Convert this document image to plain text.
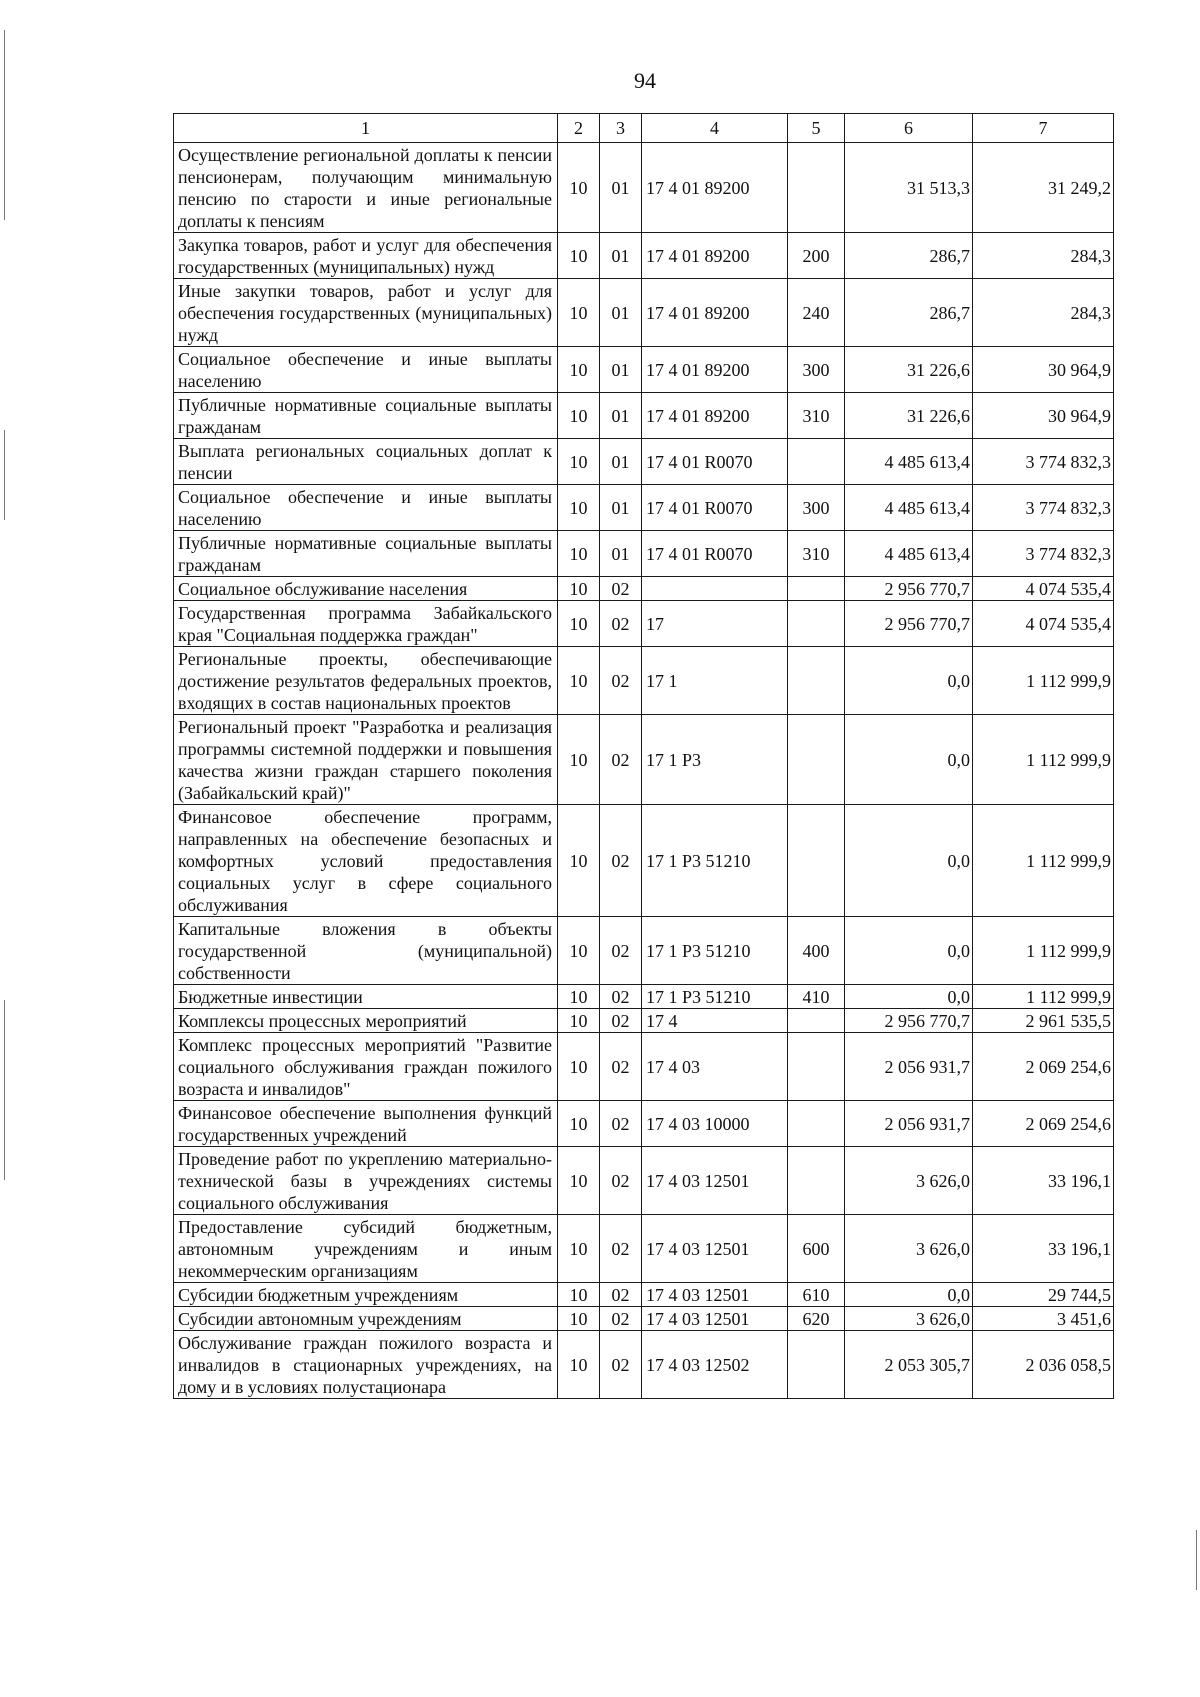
94
1	2	3	4	5	6	7
Осуществление региональной доплаты к пенсии пенсионерам, получающим минимальную пенсию по старости и иные региональные доплаты к пенсиям	10	01	17 4 01 89200		31 513,3	31 249,2
Закупка товаров, работ и услуг для обеспечения государственных (муниципальных) нужд	10	01	17 4 01 89200	200	286,7	284,3
Иные закупки товаров, работ и услуг для обеспечения государственных (муниципальных) нужд	10	01	17 4 01 89200	240	286,7	284,3
Социальное обеспечение и иные выплаты населению	10	01	17 4 01 89200	300	31 226,6	30 964,9
Публичные нормативные социальные выплаты гражданам	10	01	17 4 01 89200	310	31 226,6	30 964,9
Выплата региональных социальных доплат к пенсии	10	01	17 4 01 R0070		4 485 613,4	3 774 832,3
Социальное обеспечение и иные выплаты населению	10	01	17 4 01 R0070	300	4 485 613,4	3 774 832,3
Публичные нормативные социальные выплаты гражданам	10	01	17 4 01 R0070	310	4 485 613,4	3 774 832,3
Социальное обслуживание населения	10	02			2 956 770,7	4 074 535,4
Государственная программа Забайкальского края "Социальная поддержка граждан"	10	02	17		2 956 770,7	4 074 535,4
Региональные проекты, обеспечивающие достижение результатов федеральных проектов, входящих в состав национальных проектов	10	02	17 1		0,0	1 112 999,9
Региональный проект "Разработка и реализация программы системной поддержки и повышения качества жизни граждан старшего поколения (Забайкальский край)"	10	02	17 1 P3		0,0	1 112 999,9
Финансовое обеспечение программ, направленных на обеспечение безопасных и комфортных условий предоставления социальных услуг в сфере социального обслуживания	10	02	17 1 P3 51210		0,0	1 112 999,9
Капитальные вложения в объекты государственной (муниципальной) собственности	10	02	17 1 P3 51210	400	0,0	1 112 999,9
Бюджетные инвестиции	10	02	17 1 P3 51210	410	0,0	1 112 999,9
Комплексы процессных мероприятий	10	02	17 4		2 956 770,7	2 961 535,5
Комплекс процессных мероприятий "Развитие социального обслуживания граждан пожилого возраста и инвалидов"	10	02	17 4 03		2 056 931,7	2 069 254,6
Финансовое обеспечение выполнения функций государственных учреждений	10	02	17 4 03 10000		2 056 931,7	2 069 254,6
Проведение работ по укреплению материально-технической базы в учреждениях системы социального обслуживания	10	02	17 4 03 12501		3 626,0	33 196,1
Предоставление субсидий бюджетным, автономным учреждениям и иным некоммерческим организациям	10	02	17 4 03 12501	600	3 626,0	33 196,1
Субсидии бюджетным учреждениям	10	02	17 4 03 12501	610	0,0	29 744,5
Субсидии автономным учреждениям	10	02	17 4 03 12501	620	3 626,0	3 451,6
Обслуживание граждан пожилого возраста и инвалидов в стационарных учреждениях, на дому и в условиях полустационара	10	02	17 4 03 12502		2 053 305,7	2 036 058,5
